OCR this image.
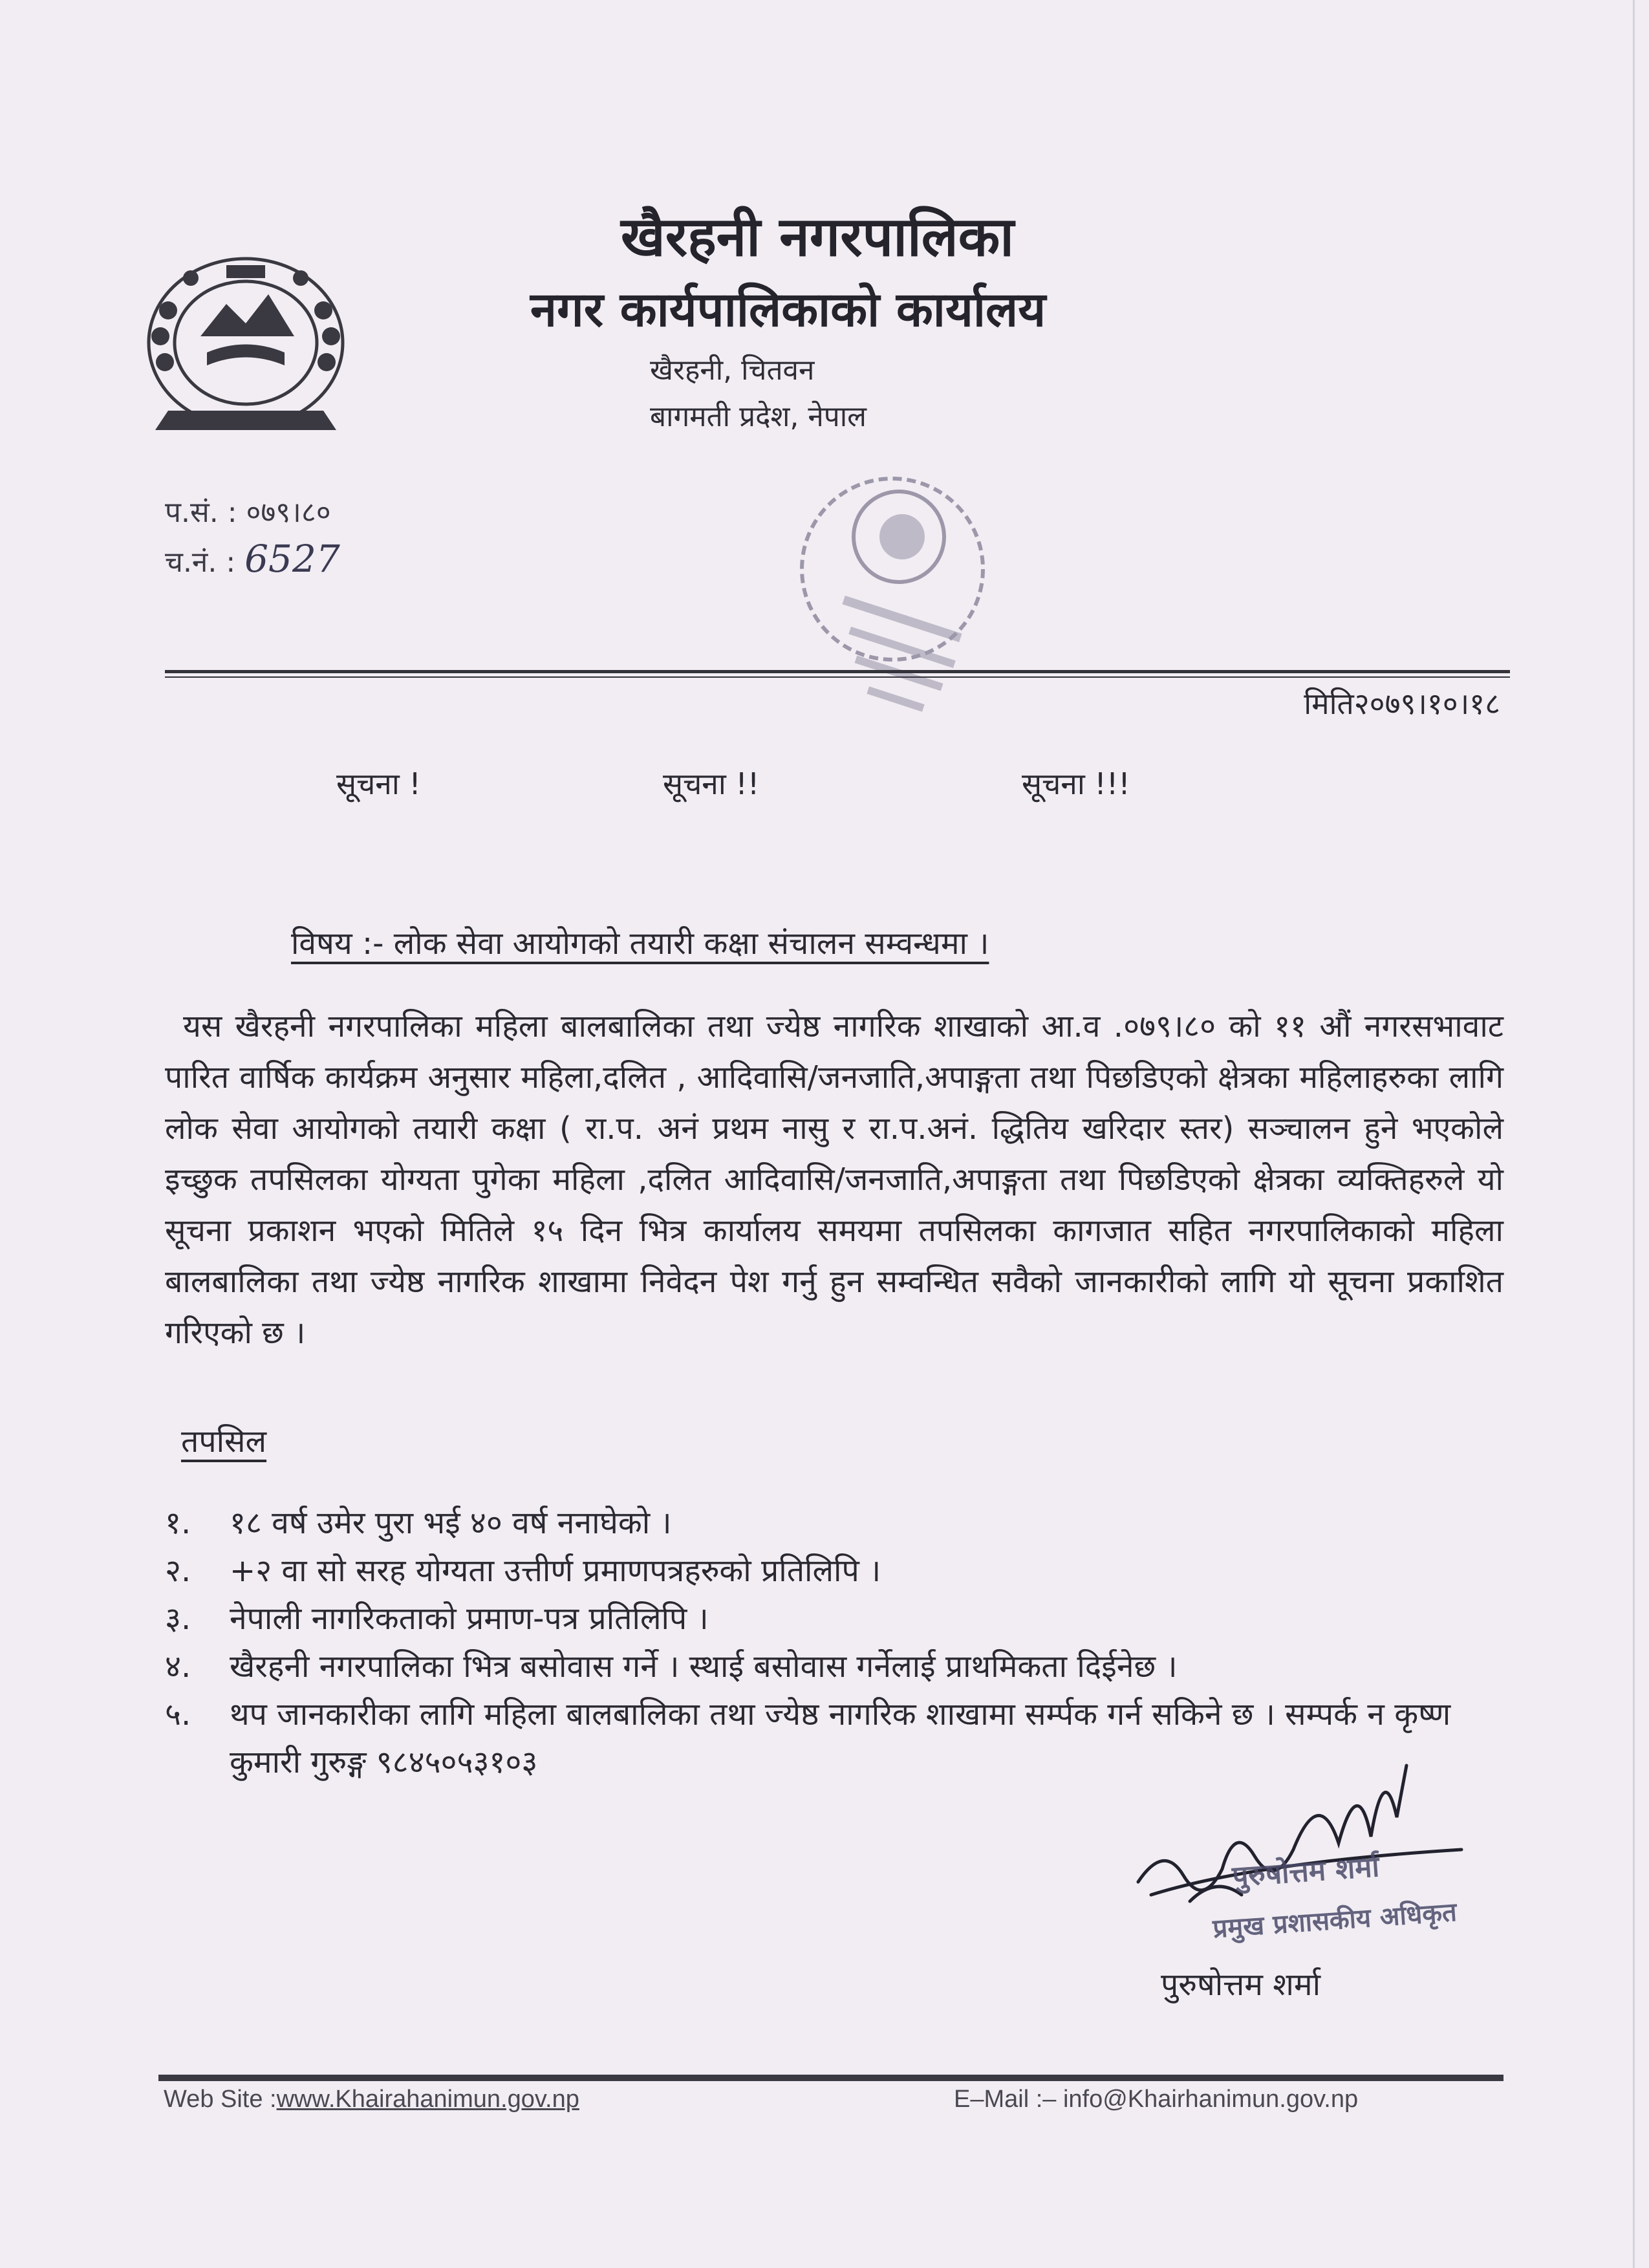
खैरहनी नगरपालिका
नगर कार्यपालिकाको कार्यालय
खैरहनी, चितवन
बागमती प्रदेश, नेपाल
प.सं. : ०७९।८०
च.नं. : 6527
मिति२०७९।१०।१८
सूचना !	सूचना !!	सूचना !!!
विषय :- लोक सेवा आयोगको तयारी कक्षा संचालन सम्वन्धमा ।
यस खैरहनी नगरपालिका महिला बालबालिका तथा ज्येष्ठ नागरिक शाखाको आ.व .०७९।८० को ११ औं नगरसभावाट पारित वार्षिक कार्यक्रम अनुसार महिला,दलित , आदिवासि/जनजाति,अपाङ्गता तथा पिछडिएको क्षेत्रका महिलाहरुका लागि लोक सेवा आयोगको तयारी कक्षा ( रा.प. अनं प्रथम नासु र रा.प.अनं. द्धितिय खरिदार स्तर) सञ्चालन हुने भएकोले इच्छुक तपसिलका योग्यता पुगेका महिला ,दलित आदिवासि/जनजाति,अपाङ्गता तथा पिछडिएको क्षेत्रका व्यक्तिहरुले यो सूचना प्रकाशन भएको मितिले १५ दिन भित्र कार्यालय समयमा तपसिलका कागजात सहित नगरपालिकाको महिला बालबालिका तथा ज्येष्ठ नागरिक शाखामा निवेदन पेश गर्नु हुन सम्वन्धित सवैको जानकारीको लागि यो सूचना प्रकाशित गरिएको छ ।
तपसिल
१.	१८ वर्ष उमेर पुरा भई ४० वर्ष ननाघेको ।
२.	+२ वा सो सरह योग्यता उत्तीर्ण प्रमाणपत्रहरुको प्रतिलिपि ।
३.	नेपाली नागरिकताको प्रमाण-पत्र प्रतिलिपि ।
४.	खैरहनी नगरपालिका भित्र बसोवास गर्ने । स्थाई बसोवास गर्नेलाई प्राथमिकता दिईनेछ ।
५.	थप जानकारीका लागि महिला बालबालिका तथा ज्येष्ठ नागरिक शाखामा सर्म्पक गर्न सकिने छ । सम्पर्क न कृष्ण कुमारी गुरुङ्ग ९८४५०५३१०३
पुरुषोत्तम शर्मा
प्रमुख प्रशासकीय अधिकृत
पुरुषोत्तम शर्मा
Web Site :www.Khairahanimun.gov.np	E–Mail :– info@Khairhanimun.gov.np
